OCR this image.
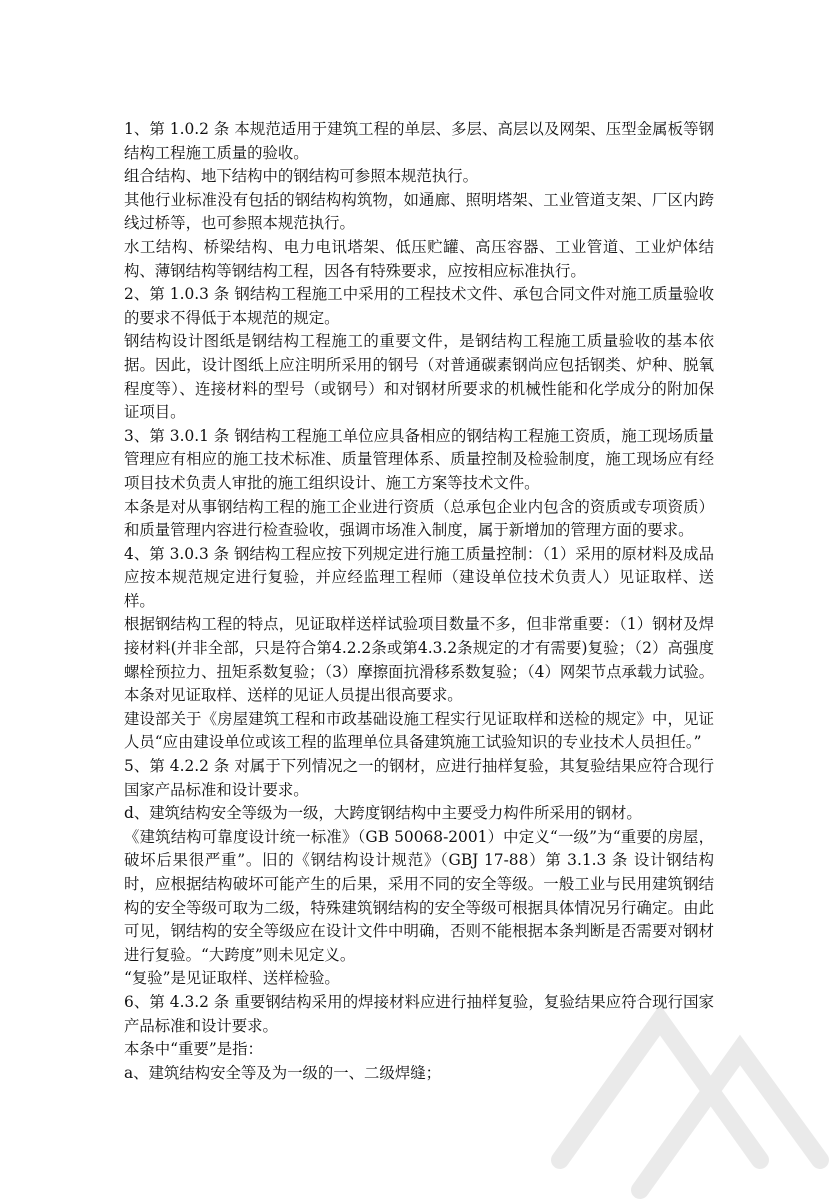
1、第 1.0.2 条 本规范适用于建筑工程的单层、多层、高层以及网架、压型金属板等钢结构工程施工质量的验收。

组合结构、地下结构中的钢结构可参照本规范执行。

其他行业标准没有包括的钢结构构筑物，如通廊、照明塔架、工业管道支架、厂区内跨线过桥等，也可参照本规范执行。

水工结构、桥梁结构、电力电讯塔架、低压贮罐、高压容器、工业管道、工业炉体结构、薄钢结构等钢结构工程，因各有特殊要求，应按相应标准执行。

2、第 1.0.3 条 钢结构工程施工中采用的工程技术文件、承包合同文件对施工质量验收的要求不得低于本规范的规定。

钢结构设计图纸是钢结构工程施工的重要文件，是钢结构工程施工质量验收的基本依据。因此，设计图纸上应注明所采用的钢号（对普通碳素钢尚应包括钢类、炉种、脱氧程度等）、连接材料的型号（或钢号）和对钢材所要求的机械性能和化学成分的附加保证项目。

3、第 3.0.1 条 钢结构工程施工单位应具备相应的钢结构工程施工资质，施工现场质量管理应有相应的施工技术标准、质量管理体系、质量控制及检验制度，施工现场应有经项目技术负责人审批的施工组织设计、施工方案等技术文件。

本条是对从事钢结构工程的施工企业进行资质（总承包企业内包含的资质或专项资质）和质量管理内容进行检查验收，强调市场准入制度，属于新增加的管理方面的要求。

4、第 3.0.3 条 钢结构工程应按下列规定进行施工质量控制：（1）采用的原材料及成品应按本规范规定进行复验，并应经监理工程师（建设单位技术负责人）见证取样、送样。

根据钢结构工程的特点，见证取样送样试验项目数量不多，但非常重要：（1）钢材及焊接材料(并非全部，只是符合第4.2.2条或第4.3.2条规定的才有需要)复验；（2）高强度螺栓预拉力、扭矩系数复验；（3）摩擦面抗滑移系数复验；（4）网架节点承载力试验。本条对见证取样、送样的见证人员提出很高要求。

建设部关于《房屋建筑工程和市政基础设施工程实行见证取样和送检的规定》中，见证人员“应由建设单位或该工程的监理单位具备建筑施工试验知识的专业技术人员担任。”

5、第 4.2.2 条 对属于下列情况之一的钢材，应进行抽样复验，其复验结果应符合现行国家产品标准和设计要求。

d、建筑结构安全等级为一级，大跨度钢结构中主要受力构件所采用的钢材。

《建筑结构可靠度设计统一标准》（GB 50068-2001）中定义“一级”为“重要的房屋，破坏后果很严重”。旧的《钢结构设计规范》（GBJ 17-88）第 3.1.3 条 设计钢结构时，应根据结构破坏可能产生的后果，采用不同的安全等级。一般工业与民用建筑钢结构的安全等级可取为二级，特殊建筑钢结构的安全等级可根据具体情况另行确定。由此可见，钢结构的安全等级应在设计文件中明确，否则不能根据本条判断是否需要对钢材进行复验。“大跨度”则未见定义。

“复验”是见证取样、送样检验。

6、第 4.3.2 条 重要钢结构采用的焊接材料应进行抽样复验，复验结果应符合现行国家产品标准和设计要求。

本条中“重要”是指：

a、建筑结构安全等及为一级的一、二级焊缝；
